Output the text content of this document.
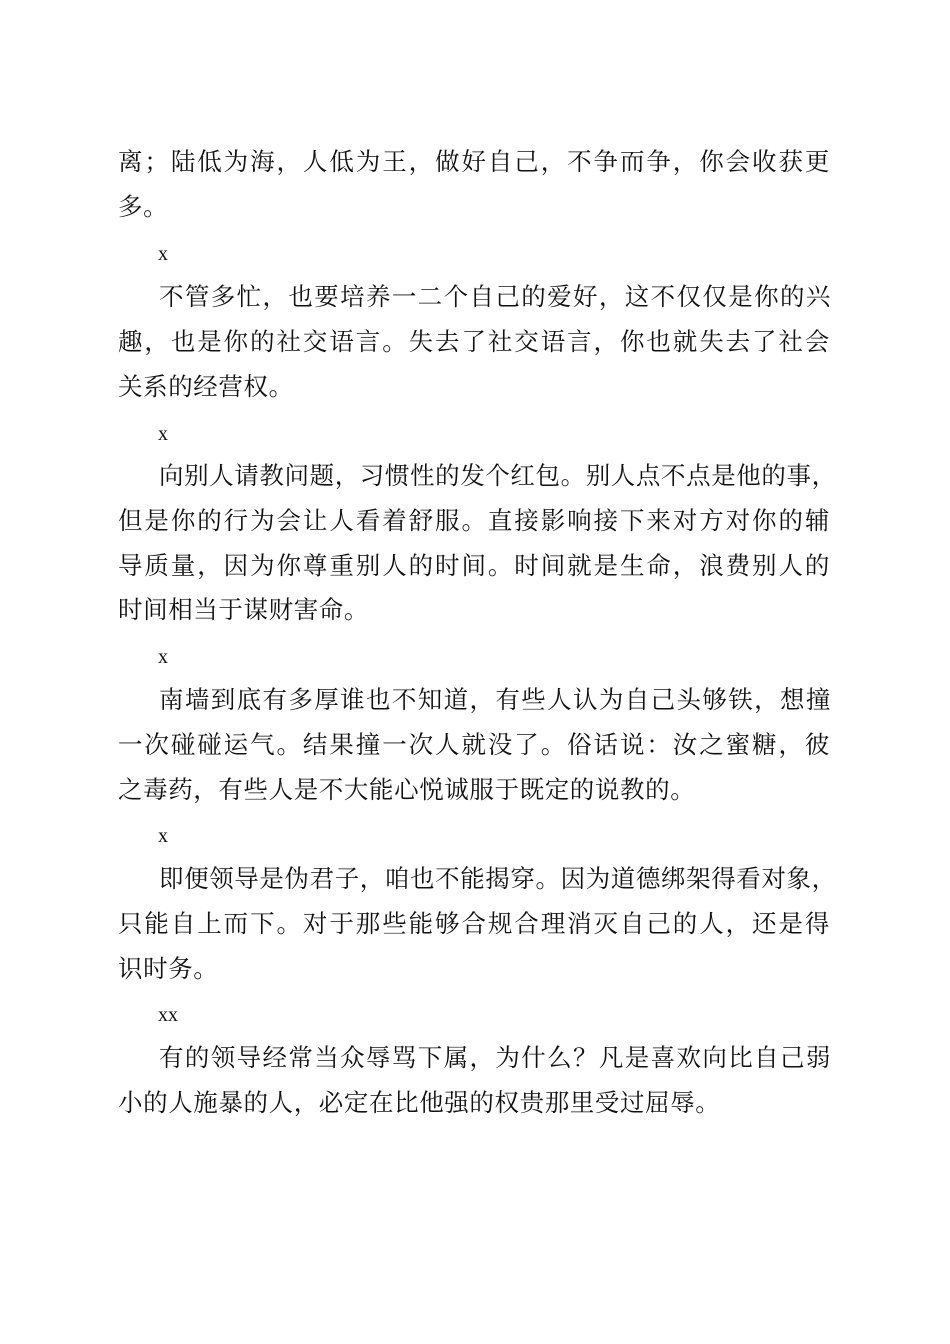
离；陆低为海，人低为王，做好自己，不争而争，你会收获更
多。
x
不管多忙，也要培养一二个自己的爱好，这不仅仅是你的兴
趣，也是你的社交语言。失去了社交语言，你也就失去了社会
关系的经营权。
x
向别人请教问题，习惯性的发个红包。别人点不点是他的事，
但是你的行为会让人看着舒服。直接影响接下来对方对你的辅
导质量，因为你尊重别人的时间。时间就是生命，浪费别人的
时间相当于谋财害命。
x
南墙到底有多厚谁也不知道，有些人认为自己头够铁，想撞
一次碰碰运气。结果撞一次人就没了。俗话说：汝之蜜糖，彼
之毒药，有些人是不大能心悦诚服于既定的说教的。
x
即便领导是伪君子，咱也不能揭穿。因为道德绑架得看对象，
只能自上而下。对于那些能够合规合理消灭自己的人，还是得
识时务。
xx
有的领导经常当众辱骂下属，为什么？凡是喜欢向比自己弱
小的人施暴的人，必定在比他强的权贵那里受过屈辱。
